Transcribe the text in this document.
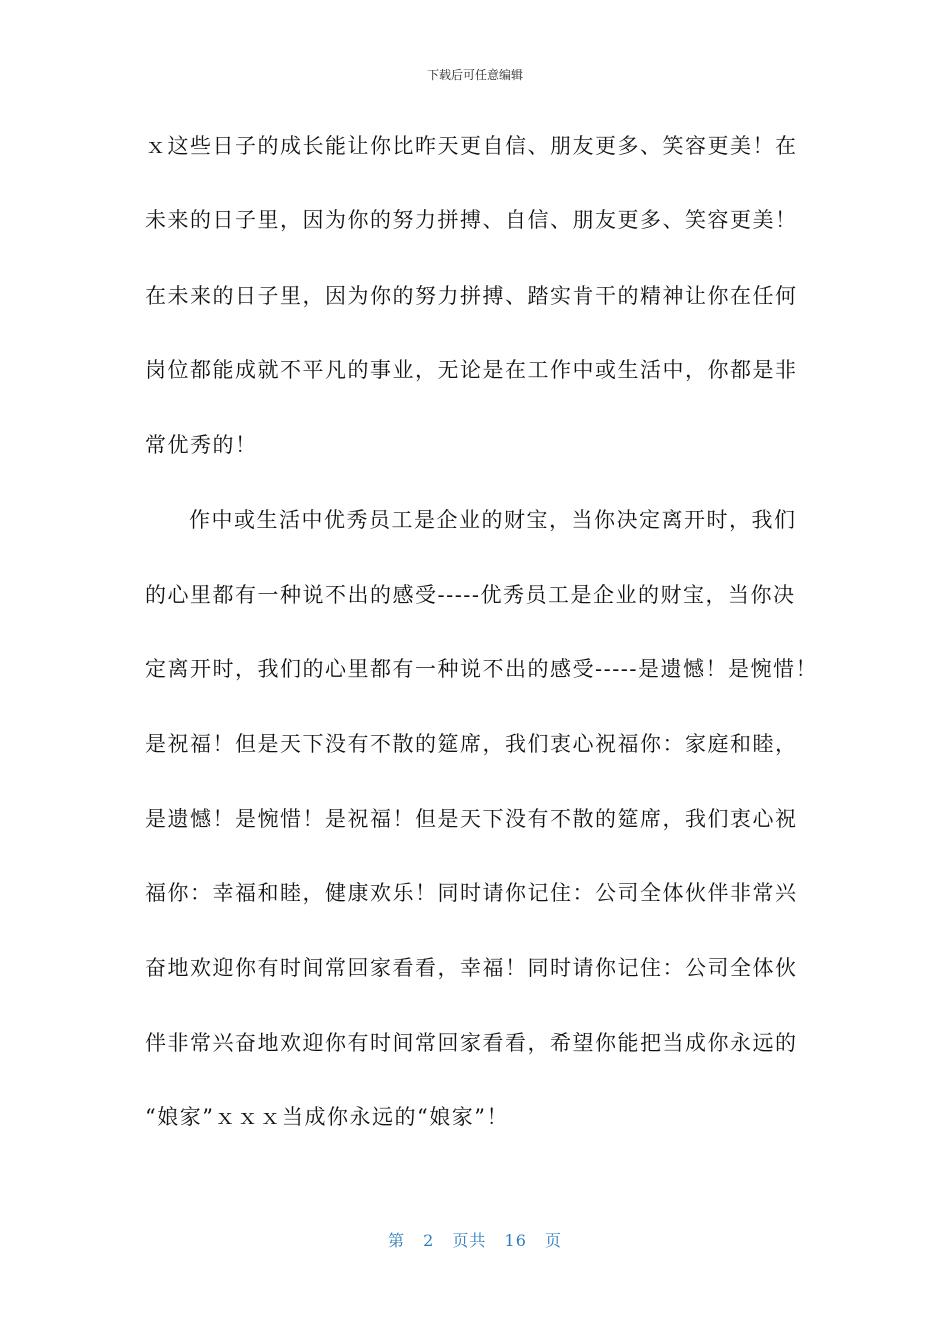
下载后可任意编辑
ｘ这些日子的成长能让你比昨天更自信、朋友更多、笑容更美！在
未来的日子里，因为你的努力拼搏、自信、朋友更多、笑容更美！
在未来的日子里，因为你的努力拼搏、踏实肯干的精神让你在任何
岗位都能成就不平凡的事业，无论是在工作中或生活中，你都是非
常优秀的！
作中或生活中优秀员工是企业的财宝，当你决定离开时，我们
的心里都有一种说不出的感受-----优秀员工是企业的财宝，当你决
定离开时，我们的心里都有一种说不出的感受-----是遗憾！是惋惜！
是祝福！但是天下没有不散的筵席，我们衷心祝福你：家庭和睦，
是遗憾！是惋惜！是祝福！但是天下没有不散的筵席，我们衷心祝
福你：幸福和睦，健康欢乐！同时请你记住：公司全体伙伴非常兴
奋地欢迎你有时间常回家看看，幸福！同时请你记住：公司全体伙
伴非常兴奋地欢迎你有时间常回家看看，希望你能把当成你永远的
“娘家”ｘｘｘ当成你永远的“娘家”！
第 2 页共 16 页
